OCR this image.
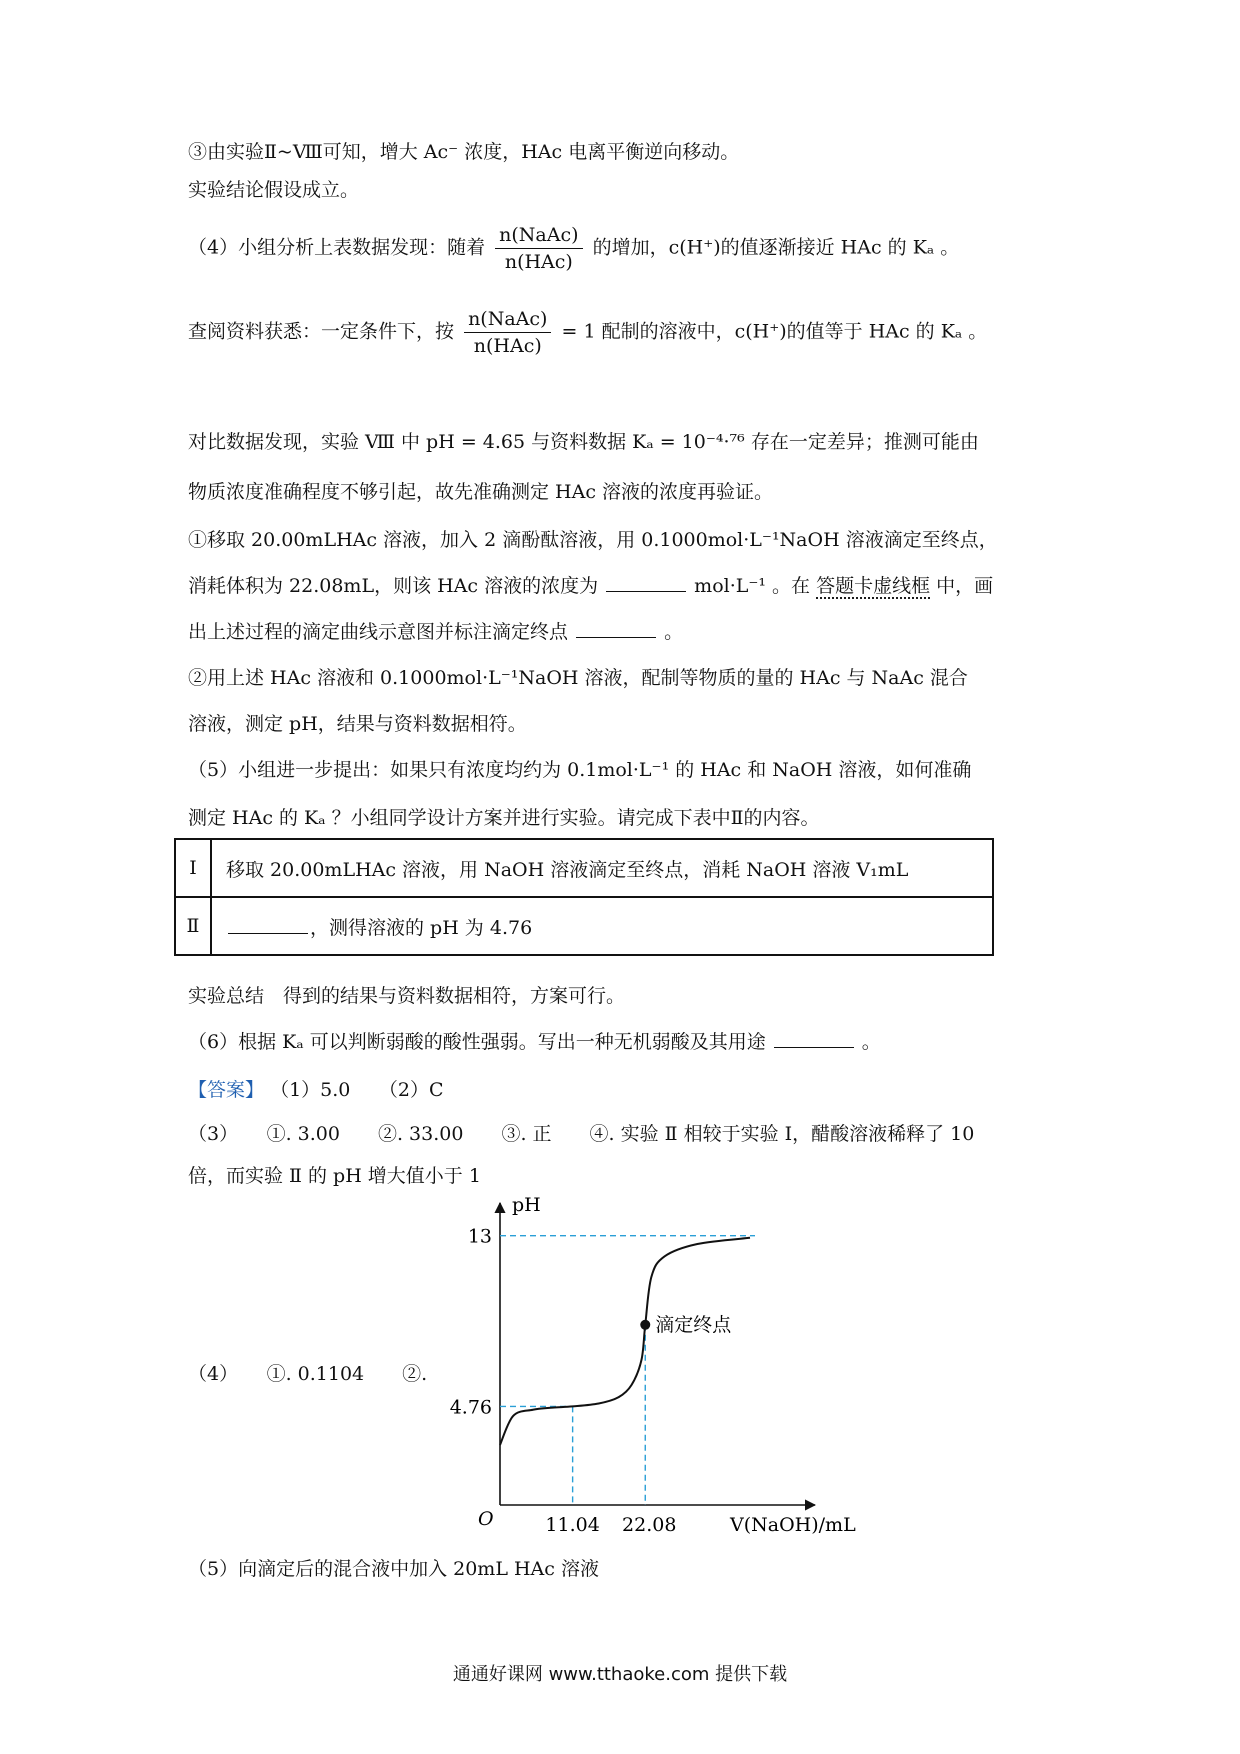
③由实验Ⅱ~Ⅷ可知，增大 Ac⁻ 浓度，HAc 电离平衡逆向移动。
实验结论假设成立。
（4）小组分析上表数据发现：随着 $\frac{\text{n(NaAc)}}{\text{n(HAc)}}$ 的增加，c(H⁺)的值逐渐接近 HAc 的 Kₐ 。
查阅资料获悉：一定条件下，按 $\frac{\text{n(NaAc)}}{\text{n(HAc)}} = 1$ 配制的溶液中，c(H⁺)的值等于 HAc 的 Kₐ 。
对比数据发现，实验 Ⅷ 中 pH = 4.65 与资料数据 Kₐ = 10⁻⁴·⁷⁶ 存在一定差异；推测可能由
物质浓度准确程度不够引起，故先准确测定 HAc 溶液的浓度再验证。
①移取 20.00mLHAc 溶液，加入 2 滴酚酞溶液，用 0.1000mol·L⁻¹NaOH 溶液滴定至终点，
消耗体积为 22.08mL，则该 HAc 溶液的浓度为	mol·L⁻¹ 。在 答题卡虚线框 中，画
出上述过程的滴定曲线示意图并标注滴定终点	。
②用上述 HAc 溶液和 0.1000mol·L⁻¹NaOH 溶液，配制等物质的量的 HAc 与 NaAc 混合
溶液，测定 pH，结果与资料数据相符。
（5）小组进一步提出：如果只有浓度均约为 0.1mol·L⁻¹ 的 HAc 和 NaOH 溶液，如何准确
测定 HAc 的 Kₐ ？小组同学设计方案并进行实验。请完成下表中Ⅱ的内容。
Ⅰ	移取 20.00mLHAc 溶液，用 NaOH 溶液滴定至终点，消耗 NaOH 溶液 V₁mL
Ⅱ	，测得溶液的 pH 为 4.76
实验总结　得到的结果与资料数据相符，方案可行。
（6）根据 Kₐ 可以判断弱酸的酸性强弱。写出一种无机弱酸及其用途	。
【答案】 （1）5.0　　（2）C
（3）　　①. 3.00　　②. 33.00　　③. 正　　④. 实验 Ⅱ 相较于实验 Ⅰ，醋酸溶液稀释了 10
倍，而实验 Ⅱ 的 pH 增大值小于 1
（4）　　①. 0.1104　　②.
pH
V(NaOH)/mL
O
滴定终点
13
4.76
11.04 22.08
（5）向滴定后的混合液中加入 20mL HAc 溶液
通通好课网 www.tthaoke.com 提供下载
